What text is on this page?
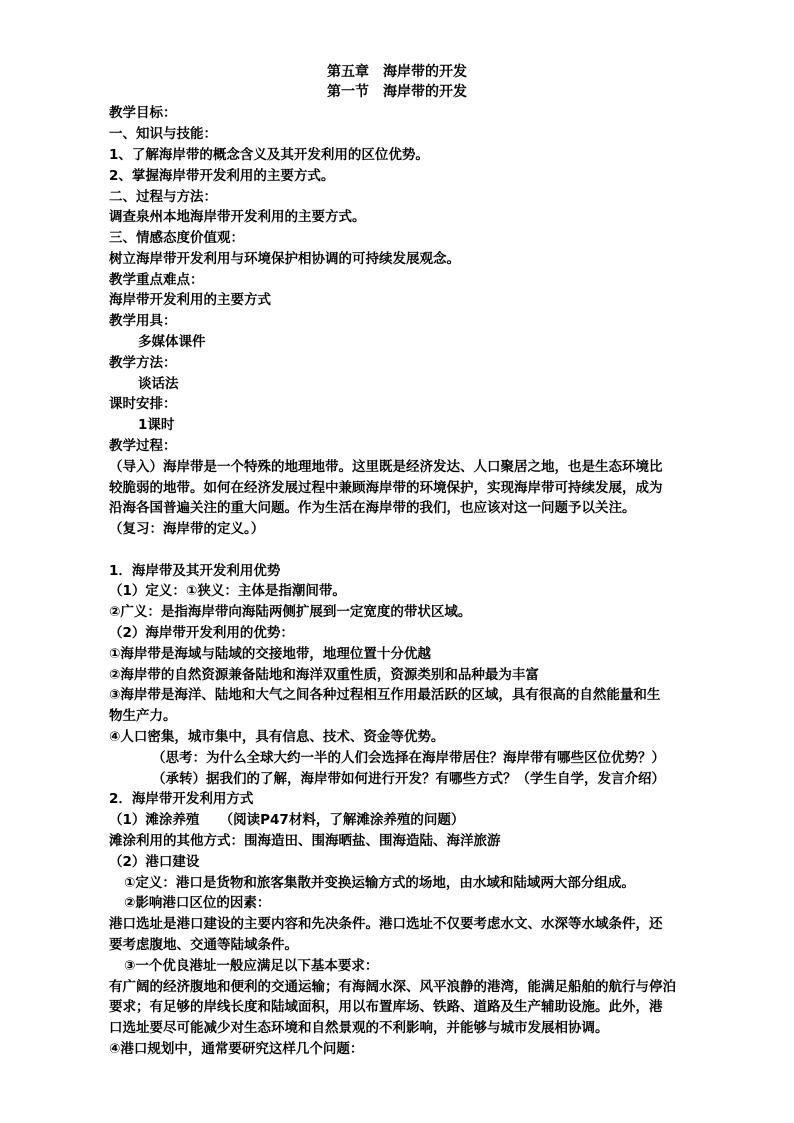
第五章　海岸带的开发
第一节　海岸带的开发
教学目标：
一、知识与技能：
1、了解海岸带的概念含义及其开发利用的区位优势。
2、掌握海岸带开发利用的主要方式。
二、过程与方法：
调查泉州本地海岸带开发利用的主要方式。
三、情感态度价值观：
树立海岸带开发利用与环境保护相协调的可持续发展观念。
教学重点难点：
海岸带开发利用的主要方式
教学用具：
多媒体课件
教学方法：
谈话法
课时安排：
1课时
教学过程：
（导入）海岸带是一个特殊的地理地带。这里既是经济发达、人口聚居之地，也是生态环境比
较脆弱的地带。如何在经济发展过程中兼顾海岸带的环境保护，实现海岸带可持续发展，成为
沿海各国普遍关注的重大问题。作为生活在海岸带的我们，也应该对这一问题予以关注。
（复习：海岸带的定义。）
1．海岸带及其开发利用优势
（1）定义：①狭义：主体是指潮间带。
②广义：是指海岸带向海陆两侧扩展到一定宽度的带状区域。
（2）海岸带开发利用的优势：
①海岸带是海域与陆域的交接地带，地理位置十分优越
②海岸带的自然资源兼备陆地和海洋双重性质，资源类别和品种最为丰富
③海岸带是海洋、陆地和大气之间各种过程相互作用最活跃的区域，具有很高的自然能量和生
物生产力。
④人口密集，城市集中，具有信息、技术、资金等优势。
（思考：为什么全球大约一半的人们会选择在海岸带居住？海岸带有哪些区位优势？）
（承转）据我们的了解，海岸带如何进行开发？有哪些方式？（学生自学，发言介绍）
2．海岸带开发利用方式
（1）滩涂养殖　　（阅读P47材料，了解滩涂养殖的问题）
滩涂利用的其他方式：围海造田、围海晒盐、围海造陆、海洋旅游
（2）港口建设
①定义：港口是货物和旅客集散并变换运输方式的场地，由水域和陆域两大部分组成。
②影响港口区位的因素：
港口选址是港口建设的主要内容和先决条件。港口选址不仅要考虑水文、水深等水域条件，还
要考虑腹地、交通等陆域条件。
③一个优良港址一般应满足以下基本要求：
有广阔的经济腹地和便利的交通运输；有海阔水深、风平浪静的港湾，能满足船舶的航行与停泊
要求；有足够的岸线长度和陆域面积，用以布置库场、铁路、道路及生产辅助设施。此外，港
口选址要尽可能减少对生态环境和自然景观的不利影响，并能够与城市发展相协调。
④港口规划中，通常要研究这样几个问题：
